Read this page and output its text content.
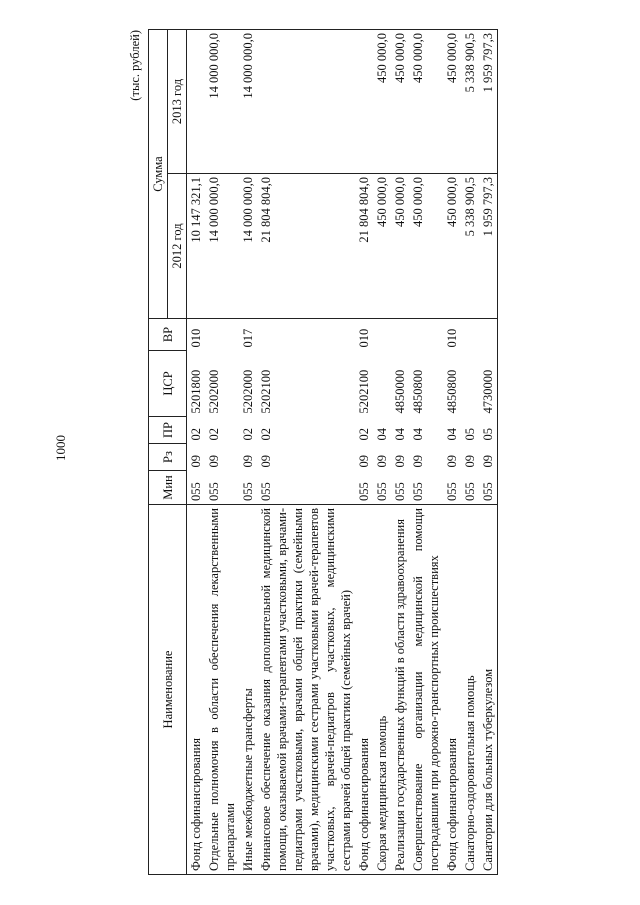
1000
(тыс. рублей)
Наименование	Мин	Рз	ПР	ЦСР	ВР	Сумма	
						2012 год	2013 год
Фонд софинансирования	055	09	02	5201800	010	10 147 321,1	
Отдельные полномочия в области обеспечения лекарственными препаратами	055	09	02	5202000		14 000 000,0	14 000 000,0
Иные межбюджетные трансферты	055	09	02	5202000	017	14 000 000,0	14 000 000,0
Финансовое обеспечение оказания дополнительной медицинской помощи, оказываемой врачами-терапевтами участковыми, врачами-педиатрами участковыми, врачами общей практики (семейными врачами), медицинскими сестрами участковыми врачей-терапевтов участковых, врачей-педиатров участковых, медицинскими сестрами врачей общей практики (семейных врачей)	055	09	02	5202100		21 804 804,0	
Фонд софинансирования	055	09	02	5202100	010	21 804 804,0	
Скорая медицинская помощь	055	09	04			450 000,0	450 000,0
Реализация государственных функций в области здравоохранения	055	09	04	4850000		450 000,0	450 000,0
Совершенствование организации медицинской помощи пострадавшим при дорожно-транспортных происшествиях	055	09	04	4850800		450 000,0	450 000,0
Фонд софинансирования	055	09	04	4850800	010	450 000,0	450 000,0
Санаторно-оздоровительная помощь	055	09	05			5 338 900,5	5 338 900,5
Санатории для больных туберкулезом	055	09	05	4730000		1 959 797,3	1 959 797,3
